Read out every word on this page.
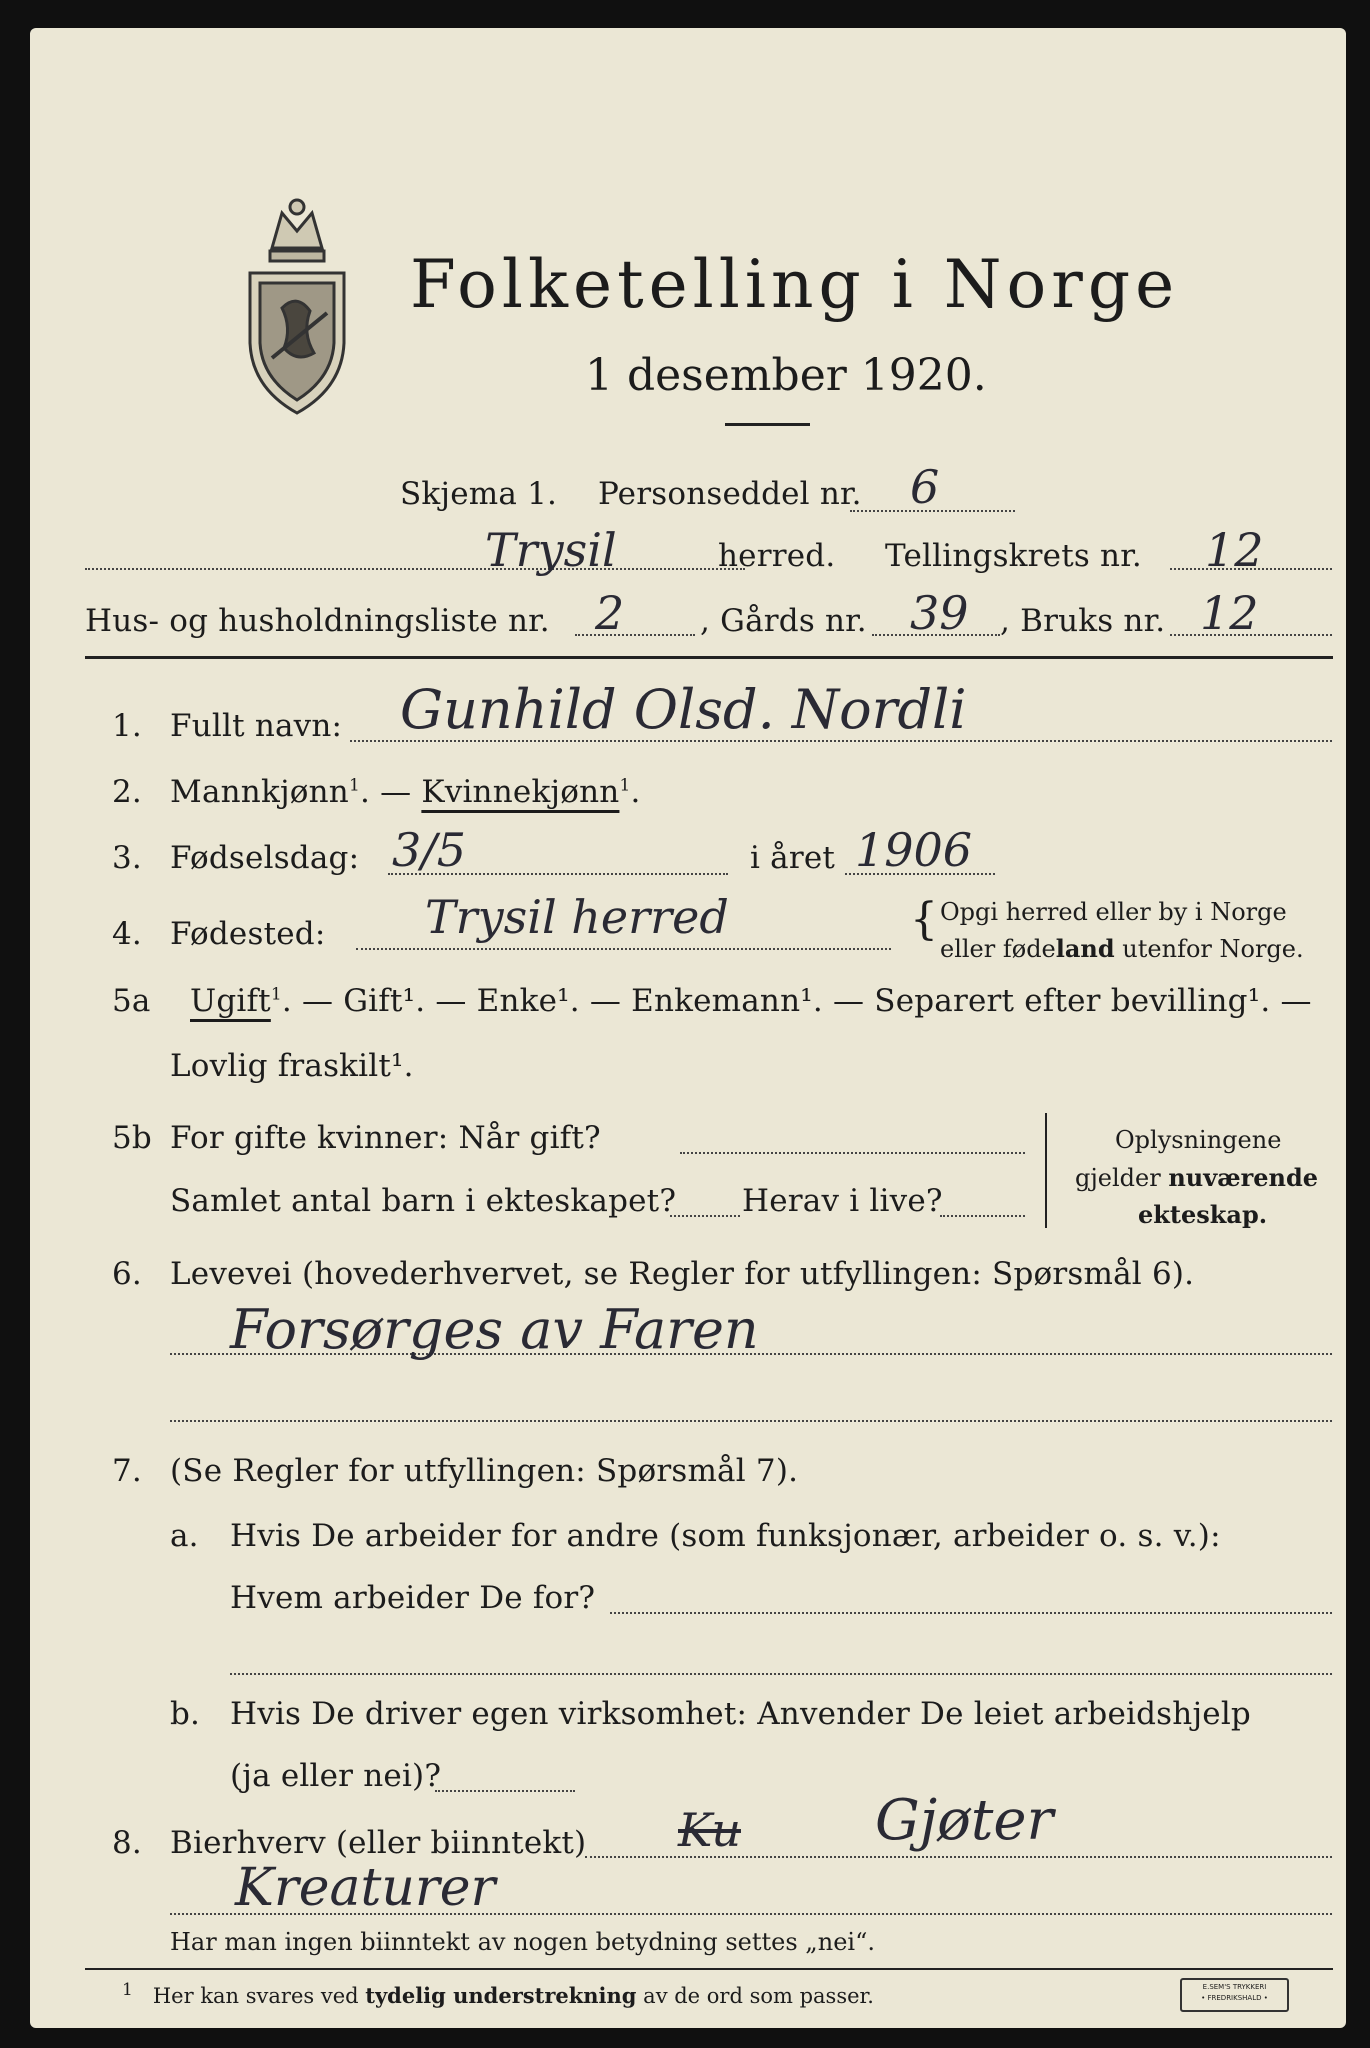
Folketelling i Norge
1 desember 1920.
Skjema 1. Personseddel nr. 6
Trysil	herred. Tellingskrets nr. 12
Hus- og husholdningsliste nr. 2 , Gårds nr. 39 , Bruks nr. 12
1. Fullt navn: Gunhild Olsd. Nordli
2. Mannkjønn$^1$. — Kvinnekjønn$^1$.
3. Fødselsdag: 3/5	i året 1906
4. Fødested: Trysil herred	{ Opgi herred eller by i Norge
eller fødeland utenfor Norge.
5a Ugift$^1$. — Gift¹. — Enke¹. — Enkemann¹. — Separert efter bevilling¹. —
Lovlig fraskilt¹.
5b For gifte kvinner: Når gift?
Samlet antal barn i ekteskapet? Herav i live?
Oplysningene
gjelder nuværende
ekteskap.
6. Levevei (hovederhvervet, se Regler for utfyllingen: Spørsmål 6).
Forsørges av Faren
7. (Se Regler for utfyllingen: Spørsmål 7).
a. Hvis De arbeider for andre (som funksjonær, arbeider o. s. v.):
Hvem arbeider De for?
b. Hvis De driver egen virksomhet: Anvender De leiet arbeidshjelp
(ja eller nei)?
8. Bierhverv (eller biinntekt) Ku Gjøter
Kreaturer
Har man ingen biinntekt av nogen betydning settes „nei“.
$^1$ Her kan svares ved tydelig understrekning av de ord som passer.	E.SEM'S TRYKKERI
• FREDRIKSHALD •
